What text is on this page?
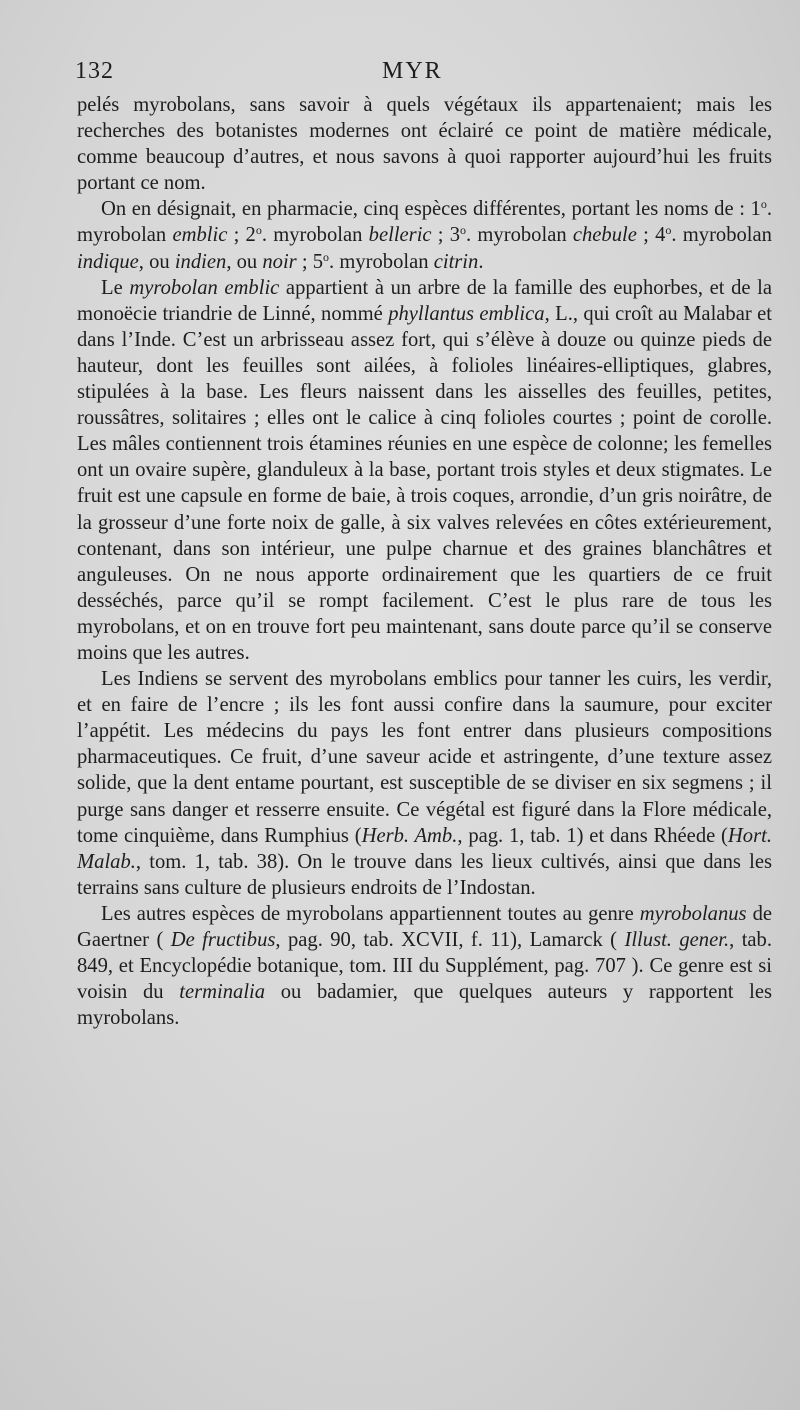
132	MYR

pelés myrobolans, sans savoir à quels végétaux ils appartenaient; mais les recherches des botanistes modernes ont éclairé ce point de matière médicale, comme beaucoup d’autres, et nous savons à quoi rapporter aujourd’hui les fruits portant ce nom.

On en désignait, en pharmacie, cinq espèces différentes, portant les noms de : 1$^o$. myrobolan emblic ; 2$^o$. myrobolan belleric ; 3$^o$. myrobolan chebule ; 4$^o$. myrobolan indique, ou indien, ou noir ; 5$^o$. myrobolan citrin.

Le myrobolan emblic appartient à un arbre de la famille des euphorbes, et de la monoëcie triandrie de Linné, nommé phyllantus emblica, L., qui croît au Malabar et dans l’Inde. C’est un arbrisseau assez fort, qui s’élève à douze ou quinze pieds de hauteur, dont les feuilles sont ailées, à folioles linéaires-elliptiques, glabres, stipulées à la base. Les fleurs naissent dans les aisselles des feuilles, petites, roussâtres, solitaires ; elles ont le calice à cinq folioles courtes ; point de corolle. Les mâles contiennent trois étamines réunies en une espèce de colonne; les femelles ont un ovaire supère, glanduleux à la base, portant trois styles et deux stigmates. Le fruit est une capsule en forme de baie, à trois coques, arrondie, d’un gris noirâtre, de la grosseur d’une forte noix de galle, à six valves relevées en côtes extérieurement, contenant, dans son intérieur, une pulpe charnue et des graines blanchâtres et anguleuses. On ne nous apporte ordinairement que les quartiers de ce fruit desséchés, parce qu’il se rompt facilement. C’est le plus rare de tous les myrobolans, et on en trouve fort peu maintenant, sans doute parce qu’il se conserve moins que les autres.

Les Indiens se servent des myrobolans emblics pour tanner les cuirs, les verdir, et en faire de l’encre ; ils les font aussi confire dans la saumure, pour exciter l’appétit. Les médecins du pays les font entrer dans plusieurs compositions pharmaceutiques. Ce fruit, d’une saveur acide et astringente, d’une texture assez solide, que la dent entame pourtant, est susceptible de se diviser en six segmens ; il purge sans danger et resserre ensuite. Ce végétal est figuré dans la Flore médicale, tome cinquième, dans Rumphius (Herb. Amb., pag. 1, tab. 1) et dans Rhéede (Hort. Malab., tom. 1, tab. 38). On le trouve dans les lieux cultivés, ainsi que dans les terrains sans culture de plusieurs endroits de l’Indostan.

Les autres espèces de myrobolans appartiennent toutes au genre myrobolanus de Gaertner ( De fructibus, pag. 90, tab. XCVII, f. 11), Lamarck ( Illust. gener., tab. 849, et Encyclopédie botanique, tom. III du Supplément, pag. 707 ). Ce genre est si voisin du terminalia ou badamier, que quelques auteurs y rapportent les myrobolans.
